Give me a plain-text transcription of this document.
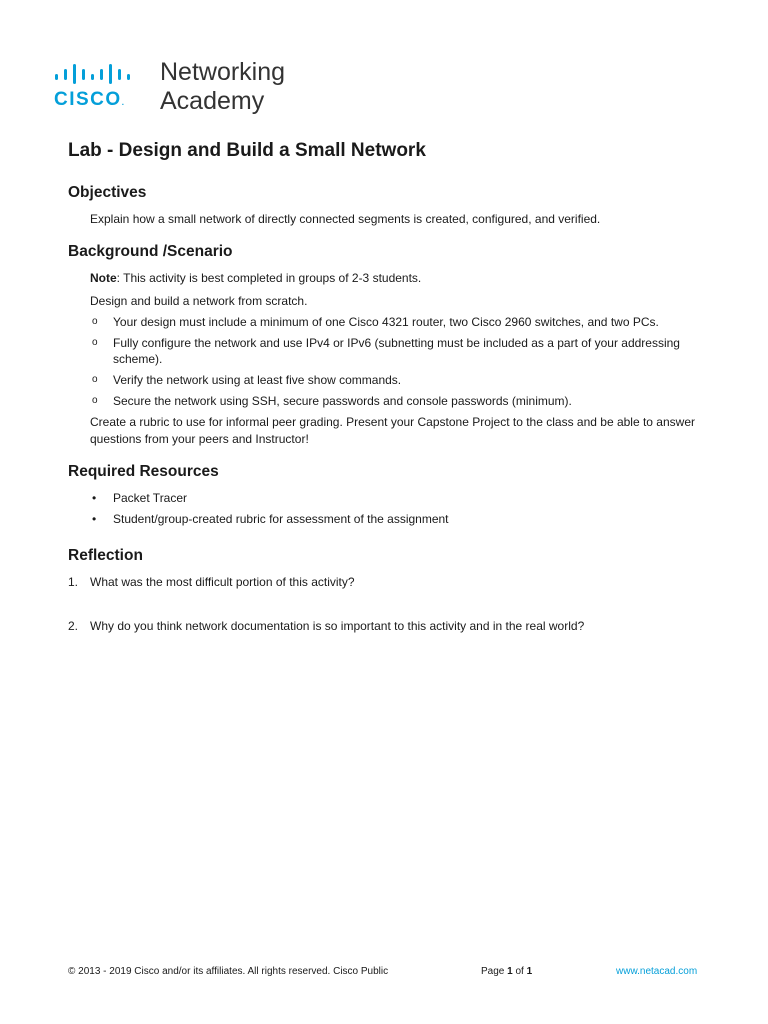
CISCO.
Networking
Academy
Lab - Design and Build a Small Network
Objectives

Explain how a small network of directly connected segments is created, configured, and verified.

Background /Scenario

Note: This activity is best completed in groups of 2-3 students.

Design and build a network from scratch.

o Your design must include a minimum of one Cisco 4321 router, two Cisco 2960 switches, and two PCs.
o Fully configure the network and use IPv4 or IPv6 (subnetting must be included as a part of your addressing scheme).
o Verify the network using at least five show commands.
o Secure the network using SSH, secure passwords and console passwords (minimum).

Create a rubric to use for informal peer grading. Present your Capstone Project to the class and be able to answer questions from your peers and Instructor!

Required Resources
• Packet Tracer
• Student/group-created rubric for assessment of the assignment
Reflection
1. What was the most difficult portion of this activity?
2. Why do you think network documentation is so important to this activity and in the real world?
© 2013 - 2019 Cisco and/or its affiliates. All rights reserved. Cisco Public	Page 1 of 1	www.netacad.com
